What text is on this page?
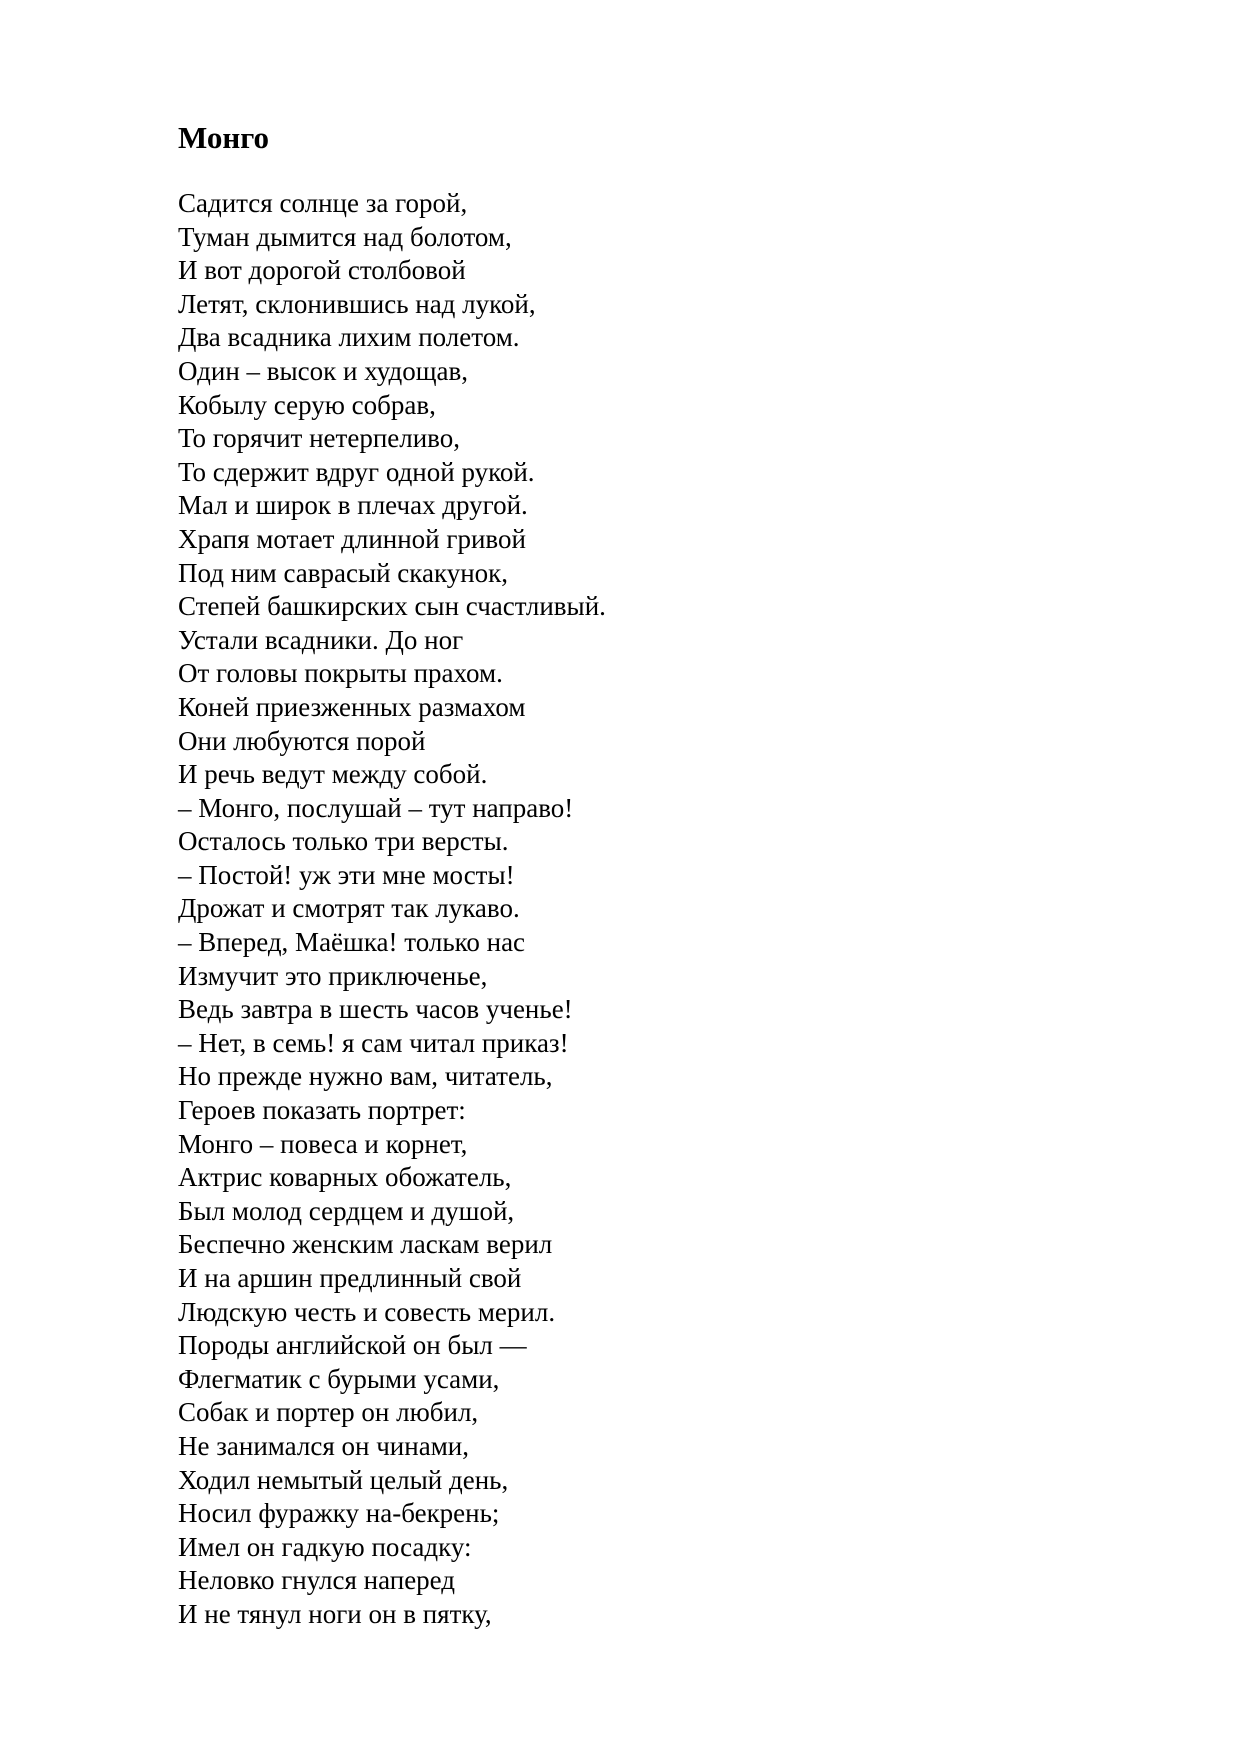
Монго
Садится солнце за горой,
Туман дымится над болотом,
И вот дорогой столбовой
Летят, склонившись над лукой,
Два всадника лихим полетом.
Один – высок и худощав,
Кобылу серую собрав,
То горячит нетерпеливо,
То сдержит вдруг одной рукой.
Мал и широк в плечах другой.
Храпя мотает длинной гривой
Под ним саврасый скакунок,
Степей башкирских сын счастливый.
Устали всадники. До ног
От головы покрыты прахом.
Коней приезженных размахом
Они любуются порой
И речь ведут между собой.
– Монго, послушай – тут направо!
Осталось только три версты.
– Постой! уж эти мне мосты!
Дрожат и смотрят так лукаво.
– Вперед, Маёшка! только нас
Измучит это приключенье,
Ведь завтра в шесть часов ученье!
– Нет, в семь! я сам читал приказ!
Но прежде нужно вам, читатель,
Героев показать портрет:
Монго – повеса и корнет,
Актрис коварных обожатель,
Был молод сердцем и душой,
Беспечно женским ласкам верил
И на аршин предлинный свой
Людскую честь и совесть мерил.
Породы английской он был —
Флегматик с бурыми усами,
Собак и портер он любил,
Не занимался он чинами,
Ходил немытый целый день,
Носил фуражку на-бекрень;
Имел он гадкую посадку:
Неловко гнулся наперед
И не тянул ноги он в пятку,
